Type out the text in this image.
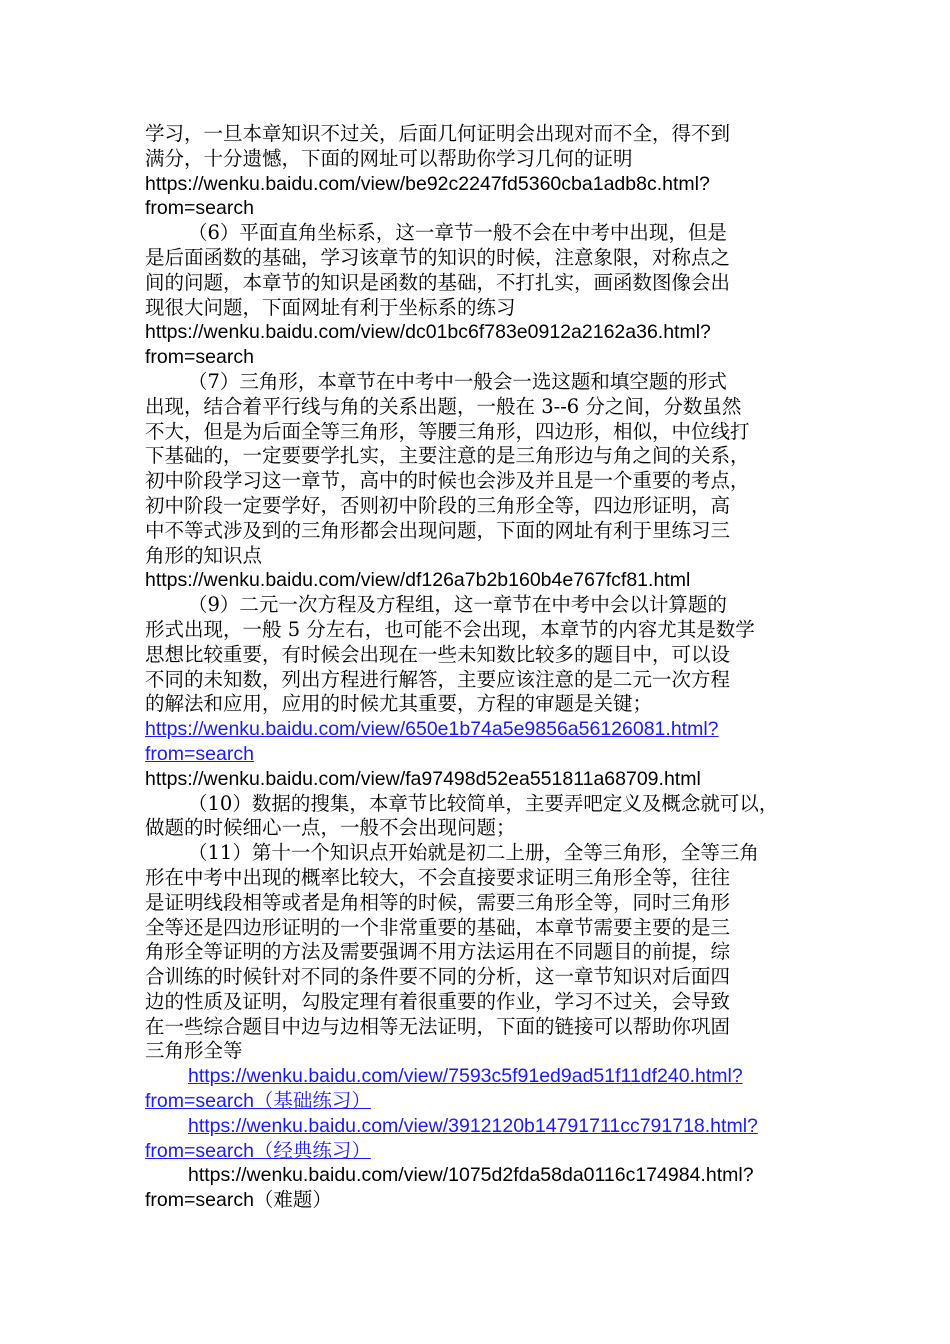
学习，一旦本章知识不过关，后面几何证明会出现对而不全，得不到
满分，十分遗憾，下面的网址可以帮助你学习几何的证明
https://wenku.baidu.com/view/be92c2247fd5360cba1adb8c.html?
from=search
（6）平面直角坐标系，这一章节一般不会在中考中出现，但是
是后面函数的基础，学习该章节的知识的时候，注意象限，对称点之
间的问题，本章节的知识是函数的基础，不打扎实，画函数图像会出
现很大问题，下面网址有利于坐标系的练习
https://wenku.baidu.com/view/dc01bc6f783e0912a2162a36.html?
from=search
（7）三角形，本章节在中考中一般会一选这题和填空题的形式
出现，结合着平行线与角的关系出题，一般在 3--6 分之间，分数虽然
不大，但是为后面全等三角形，等腰三角形，四边形，相似，中位线打
下基础的，一定要要学扎实，主要注意的是三角形边与角之间的关系，
初中阶段学习这一章节，高中的时候也会涉及并且是一个重要的考点，
初中阶段一定要学好，否则初中阶段的三角形全等，四边形证明，高
中不等式涉及到的三角形都会出现问题，下面的网址有利于里练习三
角形的知识点
https://wenku.baidu.com/view/df126a7b2b160b4e767fcf81.html
（9）二元一次方程及方程组，这一章节在中考中会以计算题的
形式出现，一般 5 分左右，也可能不会出现，本章节的内容尤其是数学
思想比较重要，有时候会出现在一些未知数比较多的题目中，可以设
不同的未知数，列出方程进行解答，主要应该注意的是二元一次方程
的解法和应用，应用的时候尤其重要，方程的审题是关键；
https://wenku.baidu.com/view/650e1b74a5e9856a56126081.html?
from=search
https://wenku.baidu.com/view/fa97498d52ea551811a68709.html
（10）数据的搜集，本章节比较简单，主要弄吧定义及概念就可以，
做题的时候细心一点，一般不会出现问题；
（11）第十一个知识点开始就是初二上册，全等三角形，全等三角
形在中考中出现的概率比较大，不会直接要求证明三角形全等，往往
是证明线段相等或者是角相等的时候，需要三角形全等，同时三角形
全等还是四边形证明的一个非常重要的基础，本章节需要主要的是三
角形全等证明的方法及需要强调不用方法运用在不同题目的前提，综
合训练的时候针对不同的条件要不同的分析，这一章节知识对后面四
边的性质及证明，勾股定理有着很重要的作业，学习不过关，会导致
在一些综合题目中边与边相等无法证明，下面的链接可以帮助你巩固
三角形全等
https://wenku.baidu.com/view/7593c5f91ed9ad51f11df240.html?
from=search（基础练习）
https://wenku.baidu.com/view/3912120b14791711cc791718.html?
from=search（经典练习）
https://wenku.baidu.com/view/1075d2fda58da0116c174984.html?
from=search（难题）
